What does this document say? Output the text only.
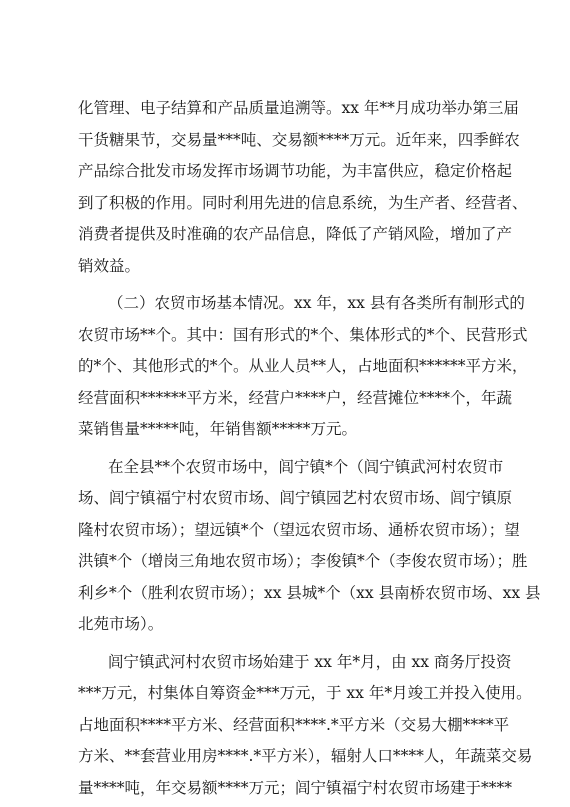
化管理、电子结算和产品质量追溯等。xx 年**月成功举办第三届
干货糖果节，交易量***吨、交易额****万元。近年来，四季鲜农
产品综合批发市场发挥市场调节功能，为丰富供应，稳定价格起
到了积极的作用。同时利用先进的信息系统，为生产者、经营者、
消费者提供及时准确的农产品信息，降低了产销风险，增加了产
销效益。
（二）农贸市场基本情况。xx 年，xx 县有各类所有制形式的
农贸市场**个。其中：国有形式的*个、集体形式的*个、民营形式
的*个、其他形式的*个。从业人员**人，占地面积******平方米，
经营面积******平方米，经营户****户，经营摊位****个，年蔬
菜销售量*****吨，年销售额*****万元。
在全县**个农贸市场中，闾宁镇*个（闾宁镇武河村农贸市
场、闾宁镇福宁村农贸市场、闾宁镇园艺村农贸市场、闾宁镇原
隆村农贸市场）；望远镇*个（望远农贸市场、通桥农贸市场）；望
洪镇*个（增岗三角地农贸市场）；李俊镇*个（李俊农贸市场）；胜
利乡*个（胜利农贸市场）；xx 县城*个（xx 县南桥农贸市场、xx 县
北苑市场）。
闾宁镇武河村农贸市场始建于 xx 年*月，由 xx 商务厅投资
***万元，村集体自筹资金***万元，于 xx 年*月竣工并投入使用。
占地面积****平方米、经营面积****.*平方米（交易大棚****平
方米、**套营业用房****.*平方米），辐射人口****人，年蔬菜交易
量****吨，年交易额****万元；闾宁镇福宁村农贸市场建于****
